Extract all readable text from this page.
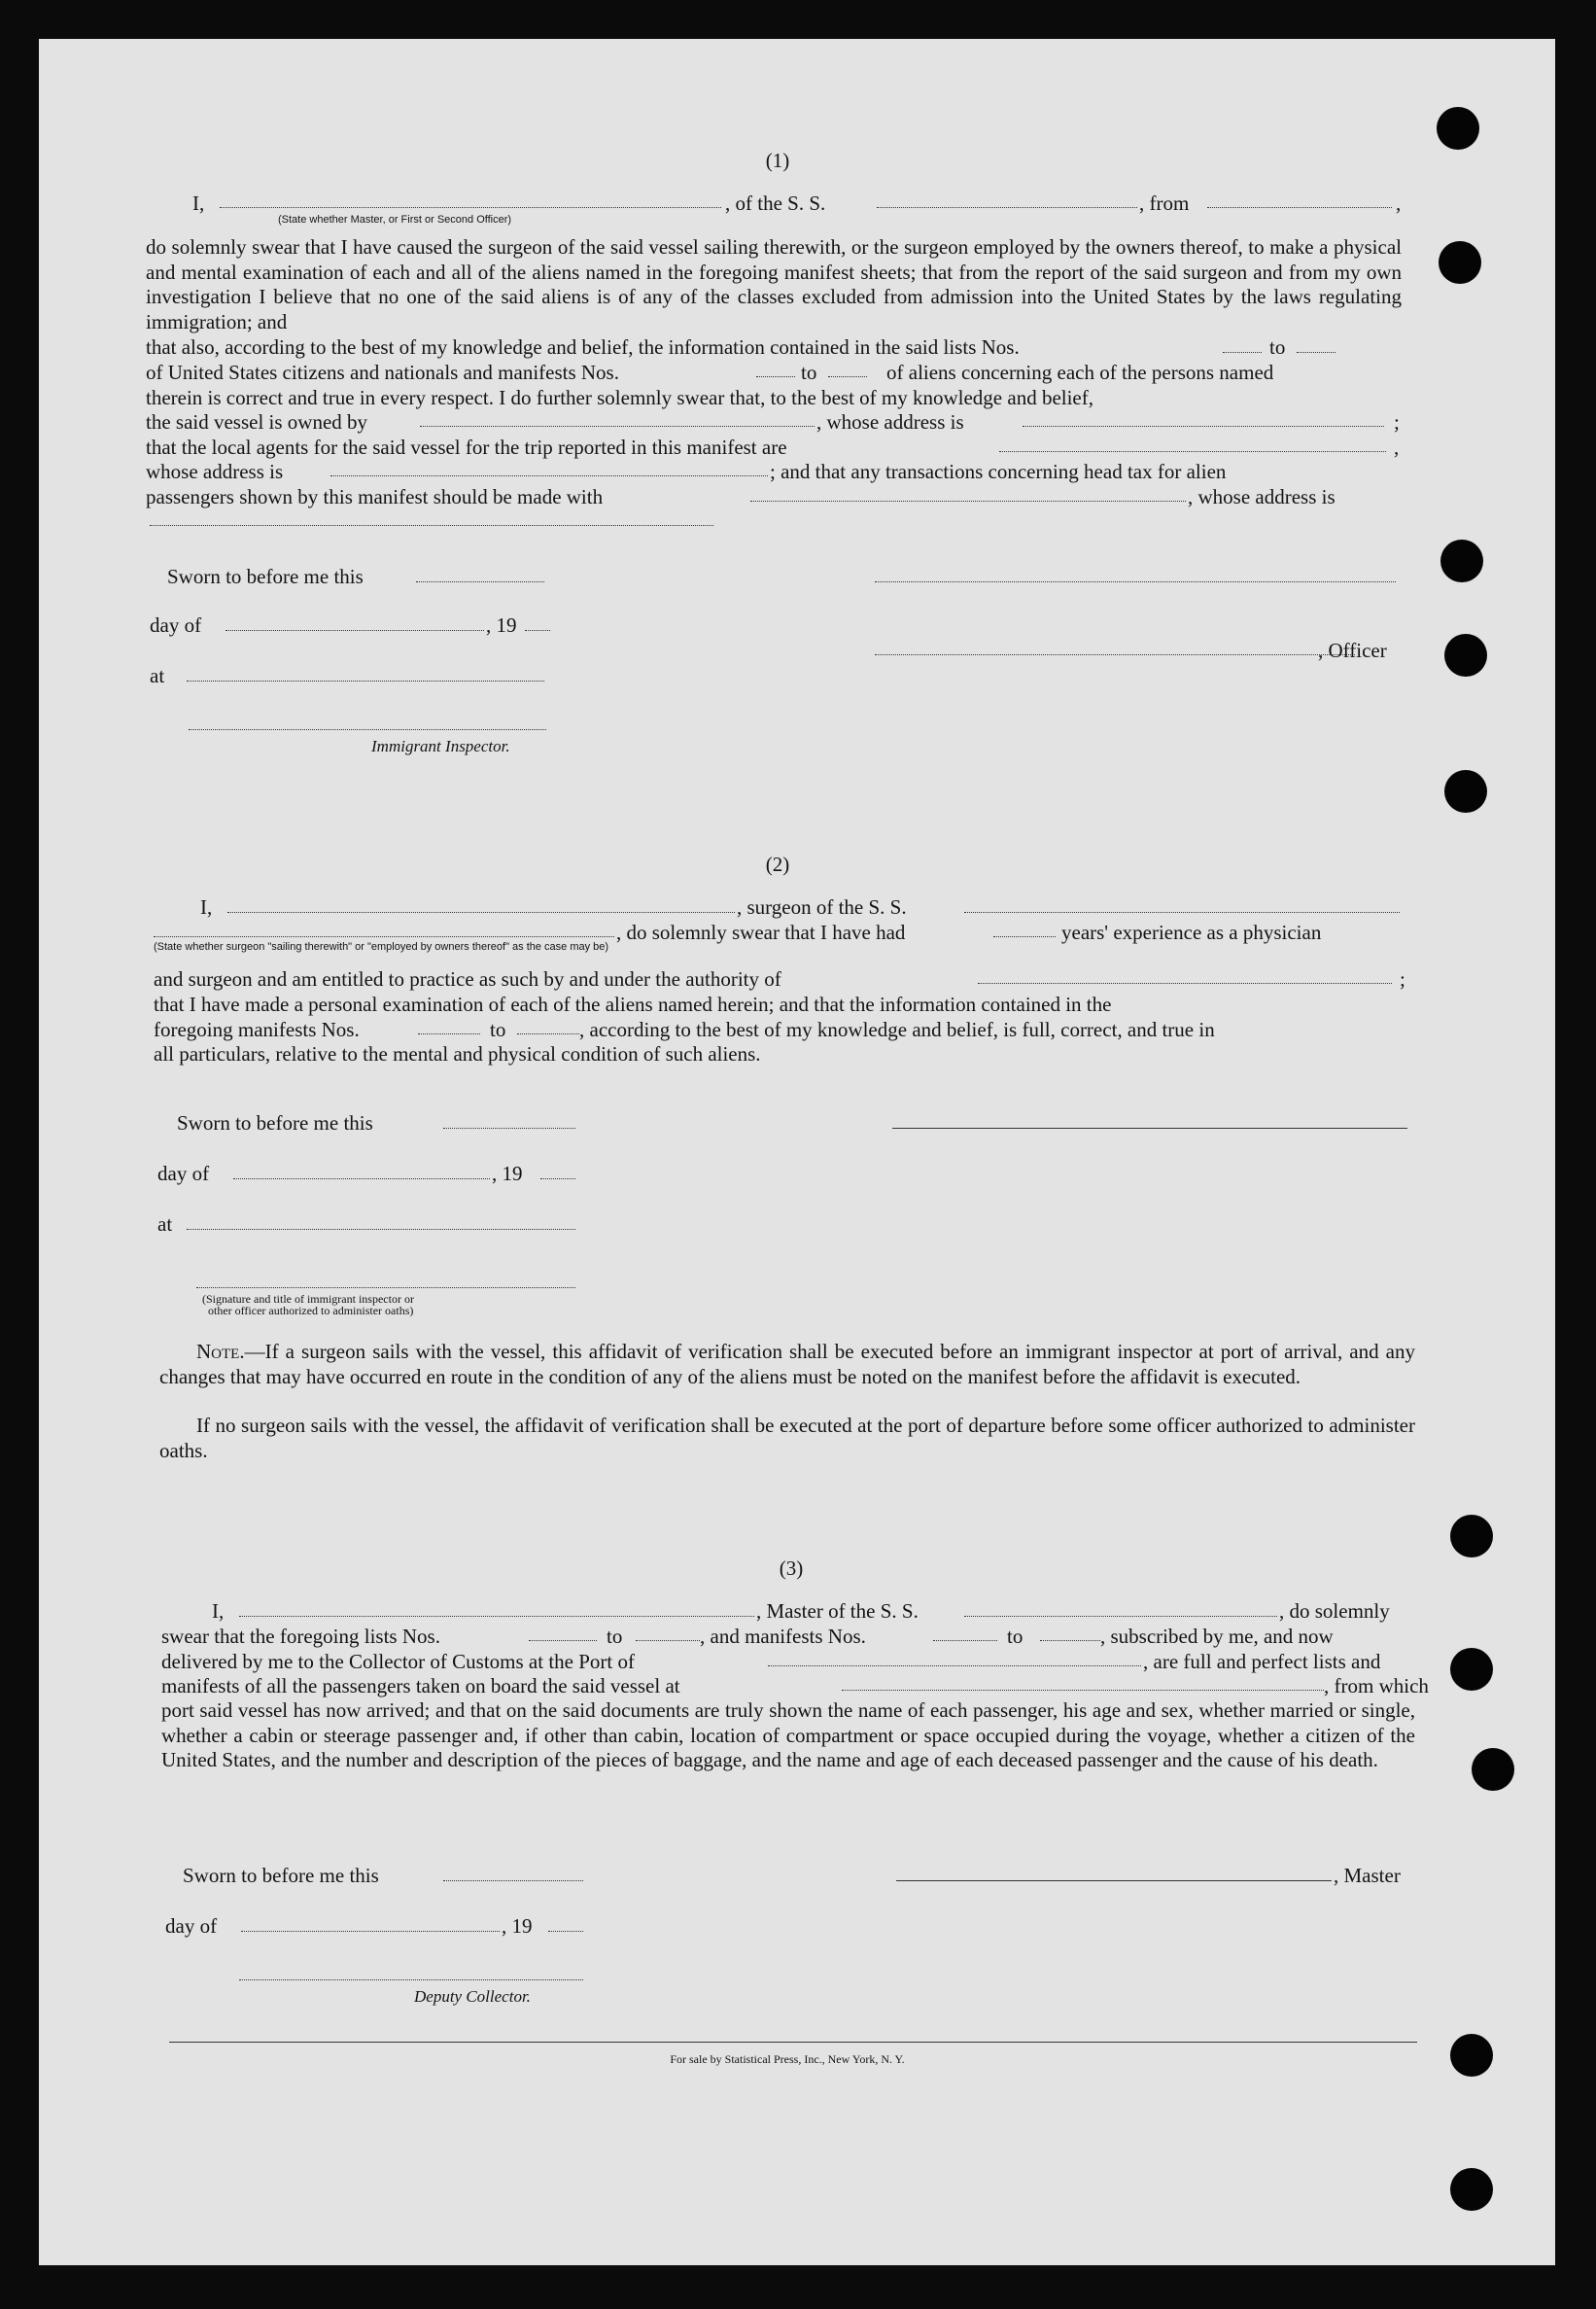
(1)
I,
(State whether Master, or First or Second Officer)
, of the S. S.	, from	,
do solemnly swear that I have caused the surgeon of the said vessel sailing therewith, or the surgeon employed by the owners thereof, to make a physical and mental examination of each and all of the aliens named in the foregoing manifest sheets; that from the report of the said surgeon and from my own investigation I believe that no one of the said aliens is of any of the classes excluded from admission into the United States by the laws regulating immigration; and
that also, according to the best of my knowledge and belief, the information contained in the said lists Nos.	to
of United States citizens and nationals and manifests Nos.	to	of aliens concerning each of the persons named
therein is correct and true in every respect. I do further solemnly swear that, to the best of my knowledge and belief,
the said vessel is owned by	, whose address is	;
that the local agents for the said vessel for the trip reported in this manifest are	,
whose address is	; and that any transactions concerning head tax for alien
passengers shown by this manifest should be made with	, whose address is
Sworn to before me this
day of	, 19
, Officer
at
Immigrant Inspector.
(2)
I,	, surgeon of the S. S.
, do solemnly swear that I have had	years' experience as a physician
(State whether surgeon "sailing therewith" or "employed by owners thereof" as the case may be)
and surgeon and am entitled to practice as such by and under the authority of	;
that I have made a personal examination of each of the aliens named herein; and that the information contained in the
foregoing manifests Nos.	to	, according to the best of my knowledge and belief, is full, correct, and true in
all particulars, relative to the mental and physical condition of such aliens.
Sworn to before me this
day of	, 19
at
(Signature and title of immigrant inspector or
other officer authorized to administer oaths)
Note.—If a surgeon sails with the vessel, this affidavit of verification shall be executed before an immigrant inspector at port of arrival, and any changes that may have occurred en route in the condition of any of the aliens must be noted on the manifest before the affidavit is executed.
If no surgeon sails with the vessel, the affidavit of verification shall be executed at the port of departure before some officer authorized to administer oaths.
(3)
I,	, Master of the S. S.	, do solemnly
swear that the foregoing lists Nos.	to	, and manifests Nos.	to	, subscribed by me, and now
delivered by me to the Collector of Customs at the Port of	, are full and perfect lists and
manifests of all the passengers taken on board the said vessel at	, from which
port said vessel has now arrived; and that on the said documents are truly shown the name of each passenger, his age and sex, whether married or single, whether a cabin or steerage passenger and, if other than cabin, location of compartment or space occupied during the voyage, whether a citizen of the United States, and the number and description of the pieces of baggage, and the name and age of each deceased passenger and the cause of his death.
Sworn to before me this	, Master
day of	, 19
Deputy Collector.
For sale by Statistical Press, Inc., New York, N. Y.
